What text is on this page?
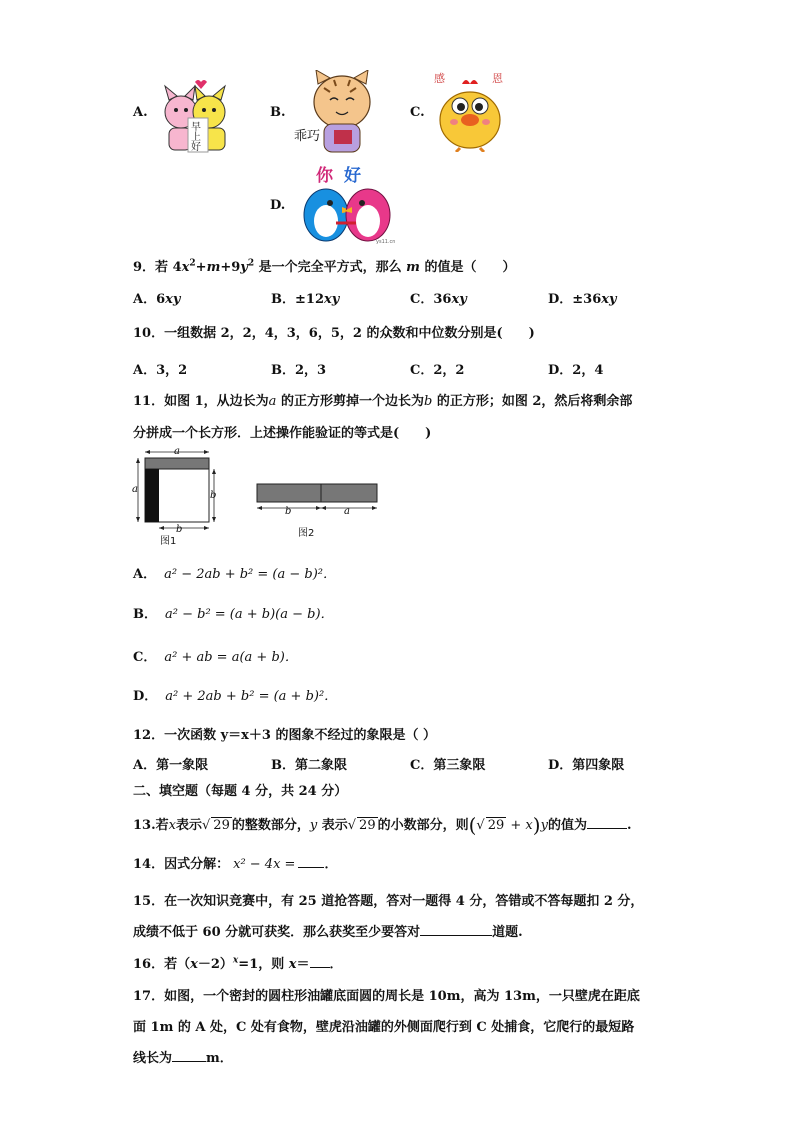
A.
早
上
好
B.
乖巧
C.
感	恩
D.
你 好
ys11.cn
9．若 $4x^2+m+9y^2$ 是一个完全平方式，那么 m 的值是（　　）
A．6xy	B．±12xy	C．36xy	D．±36xy
10．一组数据 2，2，4，3，6，5，2 的众数和中位数分别是(　　)
A．3，2	B．2，3	C．2，2	D．2，4
11．如图 1，从边长为a 的正方形剪掉一个边长为b 的正方形；如图 2，然后将剩余部
分拼成一个长方形．上述操作能验证的等式是(　　)
a
a
b
b
图1
b	a
图2
A． a² − 2ab + b² = (a − b)²．
B． a² − b² = (a + b)(a − b)．
C． a² + ab = a(a + b)．
D． a² + 2ab + b² = (a + b)²．
12．一次函数 y＝x＋3 的图象不经过的象限是（ ）
A．第一象限	B．第二象限	C．第三象限	D．第四象限
二、填空题（每题 4 分，共 24 分）
13.若x表示√ 29 的整数部分，y 表示√ 29 的小数部分，则(√ 29 + x)y的值为	.
14．因式分解： x² − 4x = ．
15．在一次知识竞赛中，有 25 道抢答题，答对一题得 4 分，答错或不答每题扣 2 分，
成绩不低于 60 分就可获奖．那么获奖至少要答对	道题.
16．若$(x-2)^x=1$，则 x＝ ．
17．如图，一个密封的圆柱形油罐底面圆的周长是 10m，高为 13m，一只壁虎在距底
面 1m 的 A 处，C 处有食物，壁虎沿油罐的外侧面爬行到 C 处捕食，它爬行的最短路
线长为	m．
